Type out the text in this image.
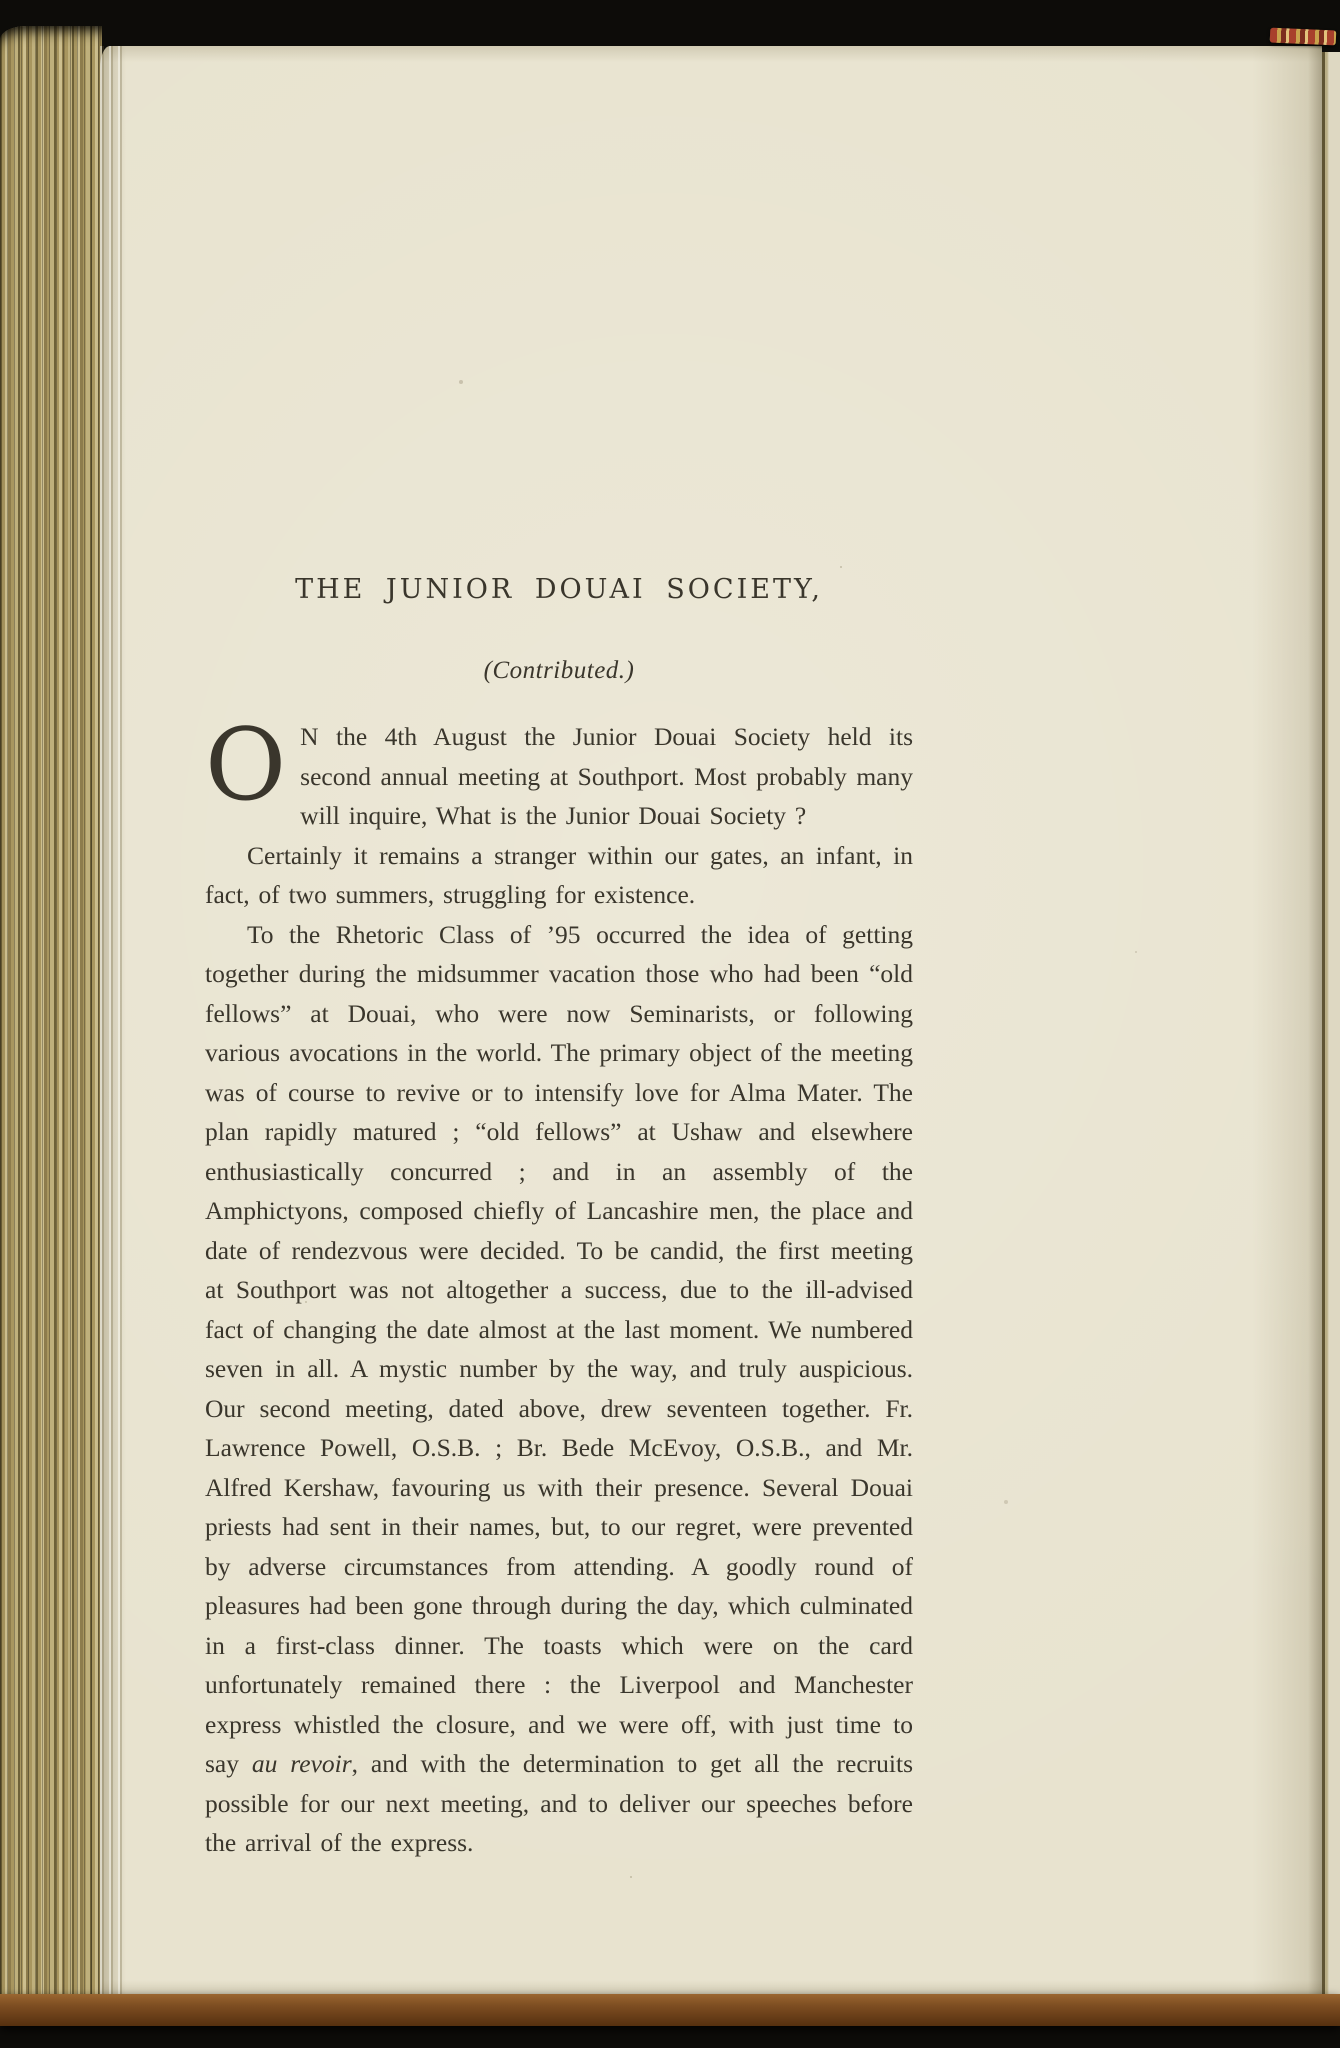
THE JUNIOR DOUAI SOCIETY,
(Contributed.)

O N the 4th August the Junior Douai Society held its second annual meeting at Southport. Most probably many will inquire, What is the Junior Douai Society ?

Certainly it remains a stranger within our gates, an infant, in fact, of two summers, struggling for existence.

To the Rhetoric Class of ’95 occurred the idea of getting together during the midsummer vacation those who had been “old fellows” at Douai, who were now Seminarists, or following various avocations in the world. The primary object of the meeting was of course to revive or to intensify love for Alma Mater. The plan rapidly matured ; “old fellows” at Ushaw and elsewhere enthusiastically concurred ; and in an assembly of the Amphictyons, composed chiefly of Lancashire men, the place and date of rendezvous were decided. To be candid, the first meeting at Southport was not altogether a success, due to the ill-advised fact of changing the date almost at the last moment. We numbered seven in all. A mystic number by the way, and truly auspicious. Our second meeting, dated above, drew seventeen together. Fr. Lawrence Powell, O.S.B. ; Br. Bede McEvoy, O.S.B., and Mr. Alfred Kershaw, favouring us with their presence. Several Douai priests had sent in their names, but, to our regret, were prevented by adverse circumstances from attending. A goodly round of pleasures had been gone through during the day, which culminated in a first-class dinner. The toasts which were on the card unfortunately remained there : the Liverpool and Manchester express whistled the closure, and we were off, with just time to say au revoir, and with the determination to get all the recruits possible for our next meeting, and to deliver our speeches before the arrival of the express.
